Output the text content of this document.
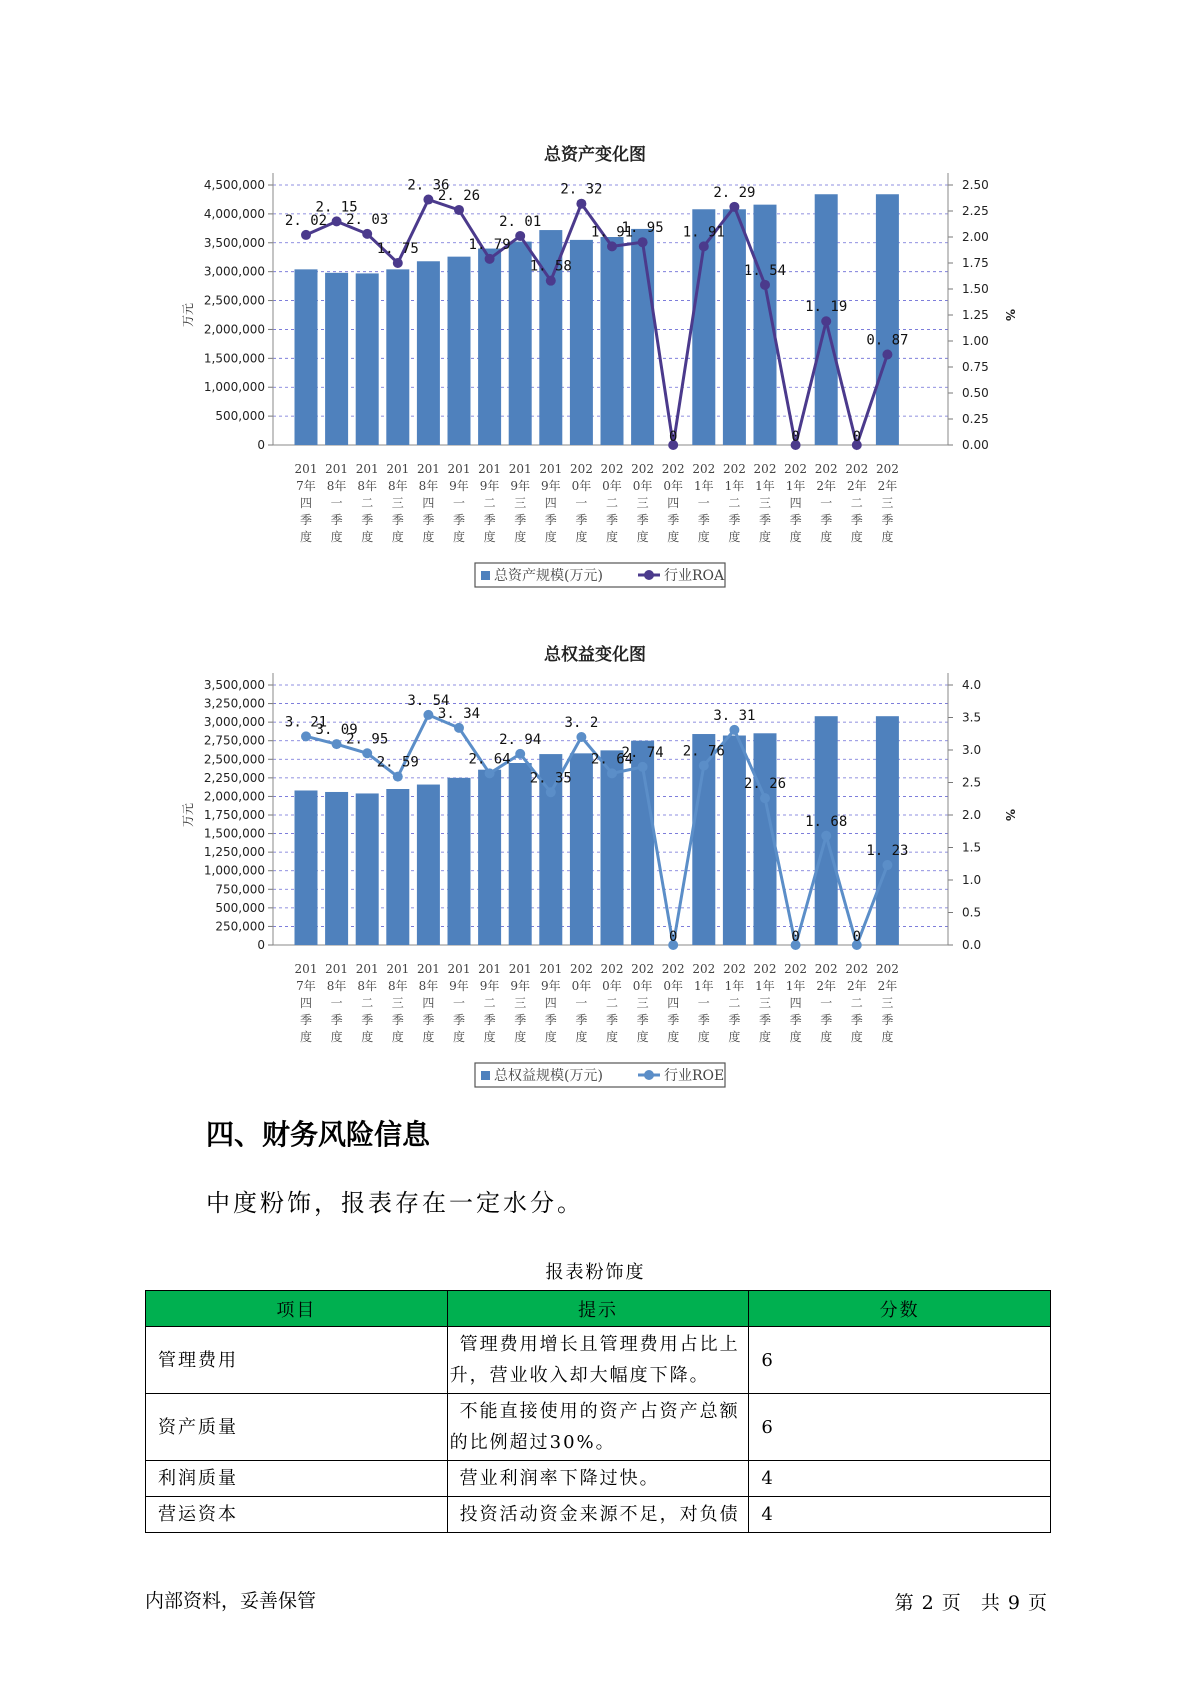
总资产变化图
0
500,000
1,000,000
1,500,000
2,000,000
2,500,000
3,000,000
3,500,000
4,000,000
4,500,000
0.00
0.25
0.50
0.75
1.00
1.25
1.50
1.75
2.00
2.25
2.50
万元	%
2. 02
2. 15
2. 03
1. 75
2. 36
2. 26
1. 79
2. 01
1. 58
2. 32
1. 91
1. 95
0
1. 91
2. 29
1. 54
0
1. 19
0
0. 87
201
7年
四
季
度
201
8年
一
季
度
201
8年
二
季
度
201
8年
三
季
度
201
8年
四
季
度
201
9年
一
季
度
201
9年
二
季
度
201
9年
三
季
度
201
9年
四
季
度
202
0年
一
季
度
202
0年
二
季
度
202
0年
三
季
度
202
0年
四
季
度
202
1年
一
季
度
202
1年
二
季
度
202
1年
三
季
度
202
1年
四
季
度
202
2年
一
季
度
202
2年
二
季
度
202
2年
三
季
度
总资产规模(万元)	行业ROA
总权益变化图
0
250,000
500,000
750,000
1,000,000
1,250,000
1,500,000
1,750,000
2,000,000
2,250,000
2,500,000
2,750,000
3,000,000
3,250,000
3,500,000
0.0
0.5
1.0
1.5
2.0
2.5
3.0
3.5
4.0
万元	%
3. 21
3. 09
2. 95
2. 59
3. 54
3. 34
2. 64
2. 94
2. 35
3. 2
2. 64
2. 74
0
2. 76
3. 31
2. 26
0
1. 68
0
1. 23
201
7年
四
季
度
201
8年
一
季
度
201
8年
二
季
度
201
8年
三
季
度
201
8年
四
季
度
201
9年
一
季
度
201
9年
二
季
度
201
9年
三
季
度
201
9年
四
季
度
202
0年
一
季
度
202
0年
二
季
度
202
0年
三
季
度
202
0年
四
季
度
202
1年
一
季
度
202
1年
二
季
度
202
1年
三
季
度
202
1年
四
季
度
202
2年
一
季
度
202
2年
二
季
度
202
2年
三
季
度
总权益规模(万元)	行业ROE
四、财务风险信息

中度粉饰，报表存在一定水分。

报表粉饰度
项目	提示	分数
管理费用	管理费用增长且管理费用占比上升，营业收入却大幅度下降。	6
资产质量	不能直接使用的资产占资产总额的比例超过30%。	6
利润质量	营业利润率下降过快。	4
营运资本	投资活动资金来源不足，对负债	4
内部资料，妥善保管	第 2 页 共 9 页
